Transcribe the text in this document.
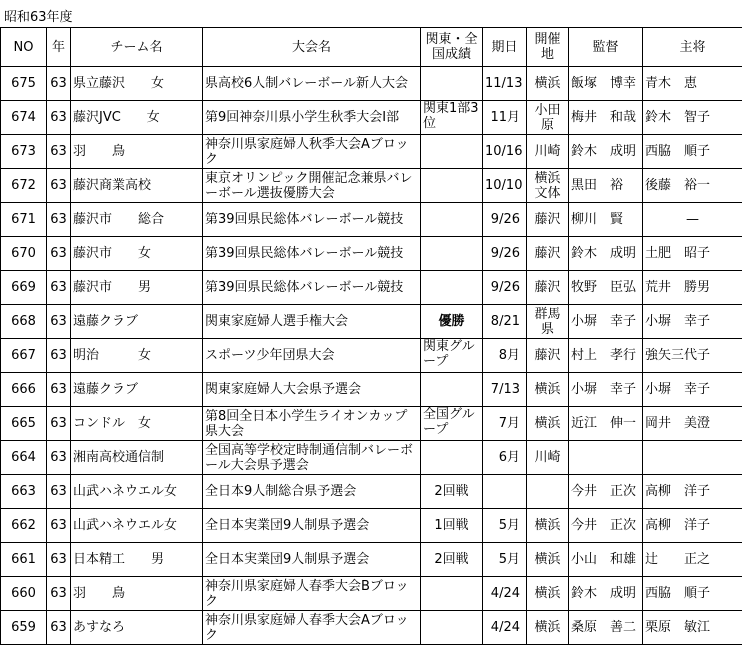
昭和63年度
NO	年	チーム名	大会名	関東・全国成績	期日	開催地	監督	主将
675	63	県立藤沢　　女	県高校6人制バレーボール新人大会		11/13	横浜	飯塚　博幸	青木　恵
674	63	藤沢JVC　　女	第9回神奈川県小学生秋季大会Ⅰ部	関東1部3位	11月	小田原	梅井　和哉	鈴木　智子
673	63	羽　　鳥	神奈川県家庭婦人秋季大会Aブロック		10/16	川崎	鈴木　成明	西脇　順子
672	63	藤沢商業高校	東京オリンピック開催記念兼県バレーボール選抜優勝大会		10/10	横浜文体	黒田　裕	後藤　裕一
671	63	藤沢市　　総合	第39回県民総体バレーボール競技		9/26	藤沢	柳川　賢	—
670	63	藤沢市　　女	第39回県民総体バレーボール競技		9/26	藤沢	鈴木　成明	土肥　昭子
669	63	藤沢市　　男	第39回県民総体バレーボール競技		9/26	藤沢	牧野　臣弘	荒井　勝男
668	63	遠藤クラブ	関東家庭婦人選手権大会	優勝	8/21	群馬県	小塀　幸子	小塀　幸子
667	63	明治　　　女	スポーツ少年団県大会	関東グループ	8月	藤沢	村上　孝行	強矢三代子
666	63	遠藤クラブ	関東家庭婦人大会県予選会		7/13	横浜	小塀　幸子	小塀　幸子
665	63	コンドル　女	第8回全日本小学生ライオンカップ県大会	全国グループ	7月	横浜	近江　伸一	岡井　美澄
664	63	湘南高校通信制	全国高等学校定時制通信制バレーボール大会県予選会		6月	川崎		
663	63	山武ハネウエル女	全日本9人制総合県予選会	2回戦			今井　正次	高柳　洋子
662	63	山武ハネウエル女	全日本実業団9人制県予選会	1回戦	5月	横浜	今井　正次	高柳　洋子
661	63	日本精工　　男	全日本実業団9人制県予選会	2回戦	5月	横浜	小山　和雄	辻　　正之
660	63	羽　　鳥	神奈川県家庭婦人春季大会Bブロック		4/24	横浜	鈴木　成明	西脇　順子
659	63	あすなろ	神奈川県家庭婦人春季大会Aブロック		4/24	横浜	桑原　善二	栗原　敏江
